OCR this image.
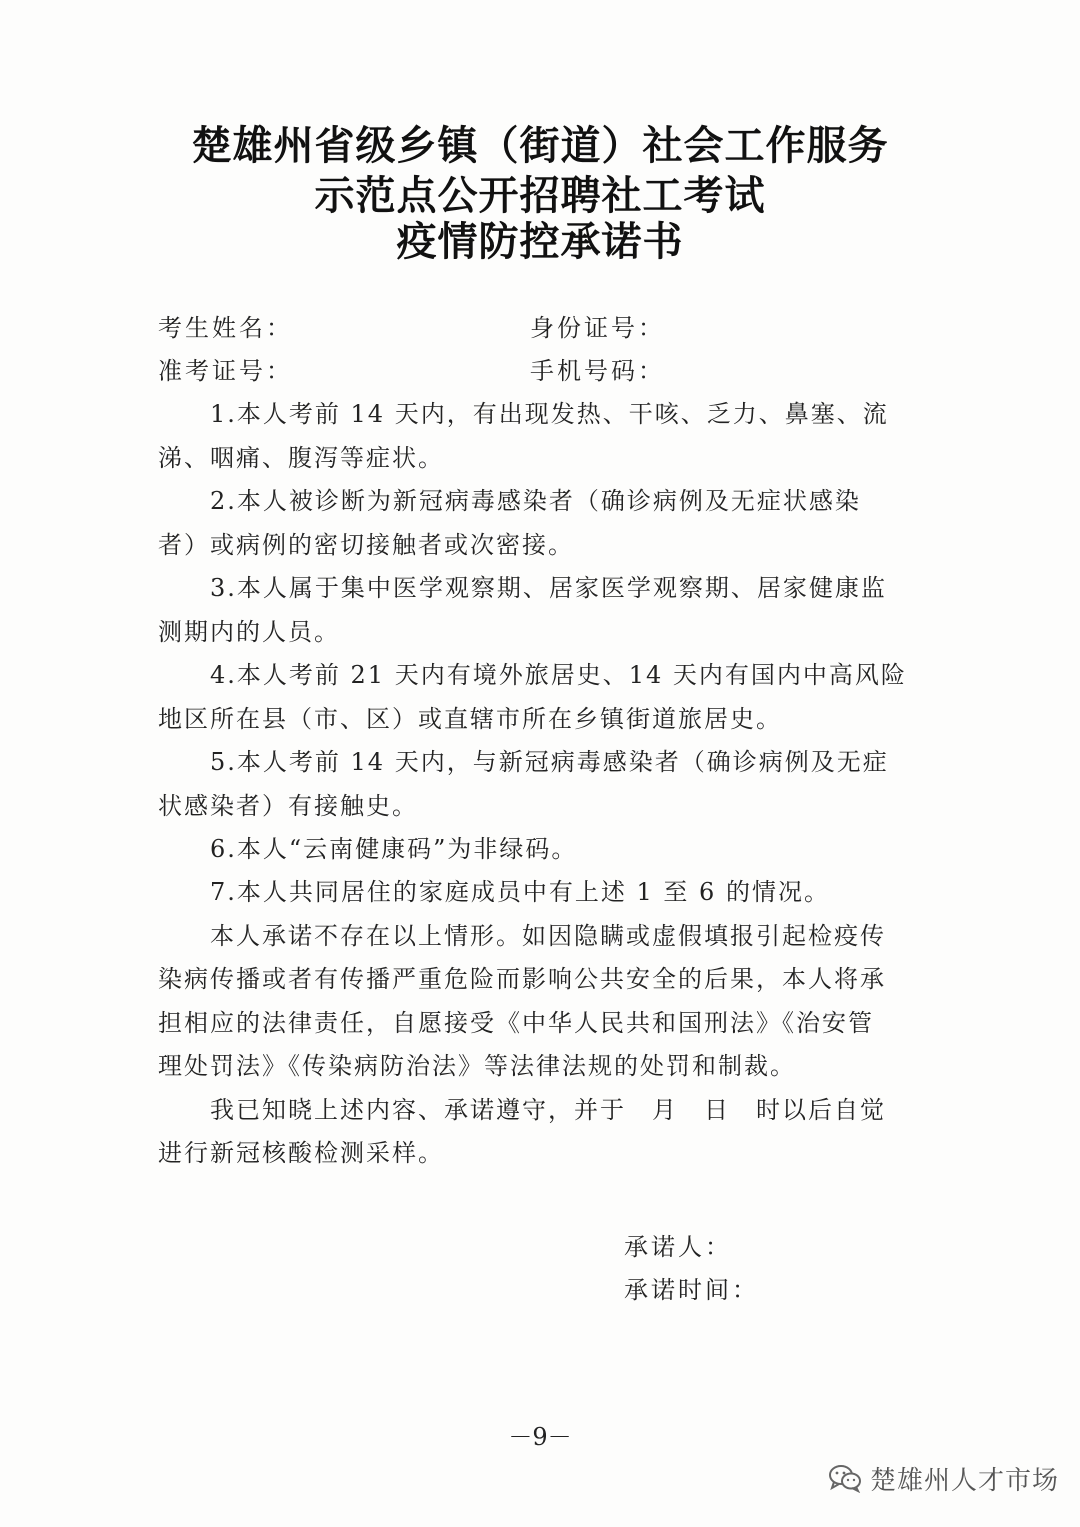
楚雄州省级乡镇（街道）社会工作服务
示范点公开招聘社工考试
疫情防控承诺书
考生姓名：	身份证号：
准考证号：	手机号码：
　　1.本人考前 14 天内，有出现发热、干咳、乏力、鼻塞、流
涕、咽痛、腹泻等症状。
　　2.本人被诊断为新冠病毒感染者（确诊病例及无症状感染
者）或病例的密切接触者或次密接。
　　3.本人属于集中医学观察期、居家医学观察期、居家健康监
测期内的人员。
　　4.本人考前 21 天内有境外旅居史、14 天内有国内中高风险
地区所在县（市、区）或直辖市所在乡镇街道旅居史。
　　5.本人考前 14 天内，与新冠病毒感染者（确诊病例及无症
状感染者）有接触史。
　　6.本人“云南健康码”为非绿码。
　　7.本人共同居住的家庭成员中有上述 1 至 6 的情况。
　　本人承诺不存在以上情形。如因隐瞒或虚假填报引起检疫传
染病传播或者有传播严重危险而影响公共安全的后果，本人将承
担相应的法律责任，自愿接受《中华人民共和国刑法》《治安管
理处罚法》《传染病防治法》等法律法规的处罚和制裁。
　　我已知晓上述内容、承诺遵守，并于　月　日　时以后自觉
进行新冠核酸检测采样。
承诺人：
承诺时间：
－9－
楚雄州人才市场
